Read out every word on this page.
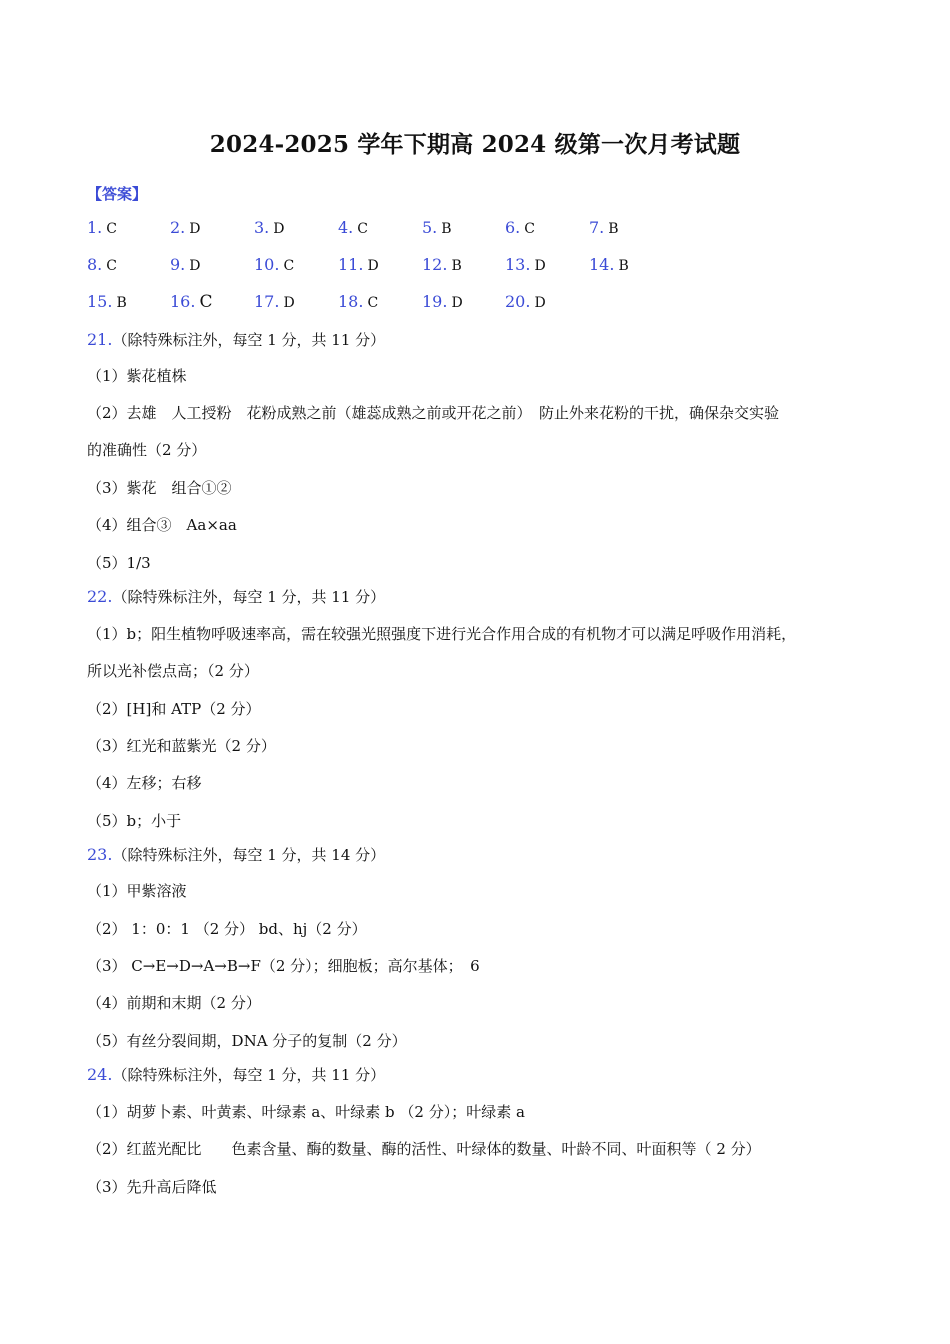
2024-2025 学年下期高 2024 级第一次月考试题
【答案】
1. C	2. D	3. D	4. C	5. B	6. C	7. B
8. C	9. D	10. C	11. D	12. B	13. D	14. B
15. B	16. C	17. D	18. C	19. D	20. D
21.（除特殊标注外，每空 1 分，共 11 分）
（1）紫花植株
（2）去雄　人工授粉　花粉成熟之前（雄蕊成熟之前或开花之前）　防止外来花粉的干扰，确保杂交实验
的准确性（2 分）
（3）紫花　组合①②
（4）组合③　Aa×aa
（5）1/3
22.（除特殊标注外，每空 1 分，共 11 分）
（1）b；阳生植物呼吸速率高，需在较强光照强度下进行光合作用合成的有机物才可以满足呼吸作用消耗，
所以光补偿点高；（2 分）
（2）[H]和 ATP（2 分）
（3）红光和蓝紫光（2 分）
（4）左移；右移
（5）b；小于
23.（除特殊标注外，每空 1 分，共 14 分）
（1）甲紫溶液
（2） 1：0：1 （2 分） bd、hj（2 分）
（3） C→E→D→A→B→F（2 分）；细胞板；高尔基体；　6
（4）前期和末期（2 分）
（5）有丝分裂间期，DNA 分子的复制（2 分）
24.（除特殊标注外，每空 1 分，共 11 分）
（1）胡萝卜素、叶黄素、叶绿素 a、叶绿素 b （2 分）；叶绿素 a
（2）红蓝光配比　　色素含量、酶的数量、酶的活性、叶绿体的数量、叶龄不同、叶面积等（ 2 分）
（3）先升高后降低
